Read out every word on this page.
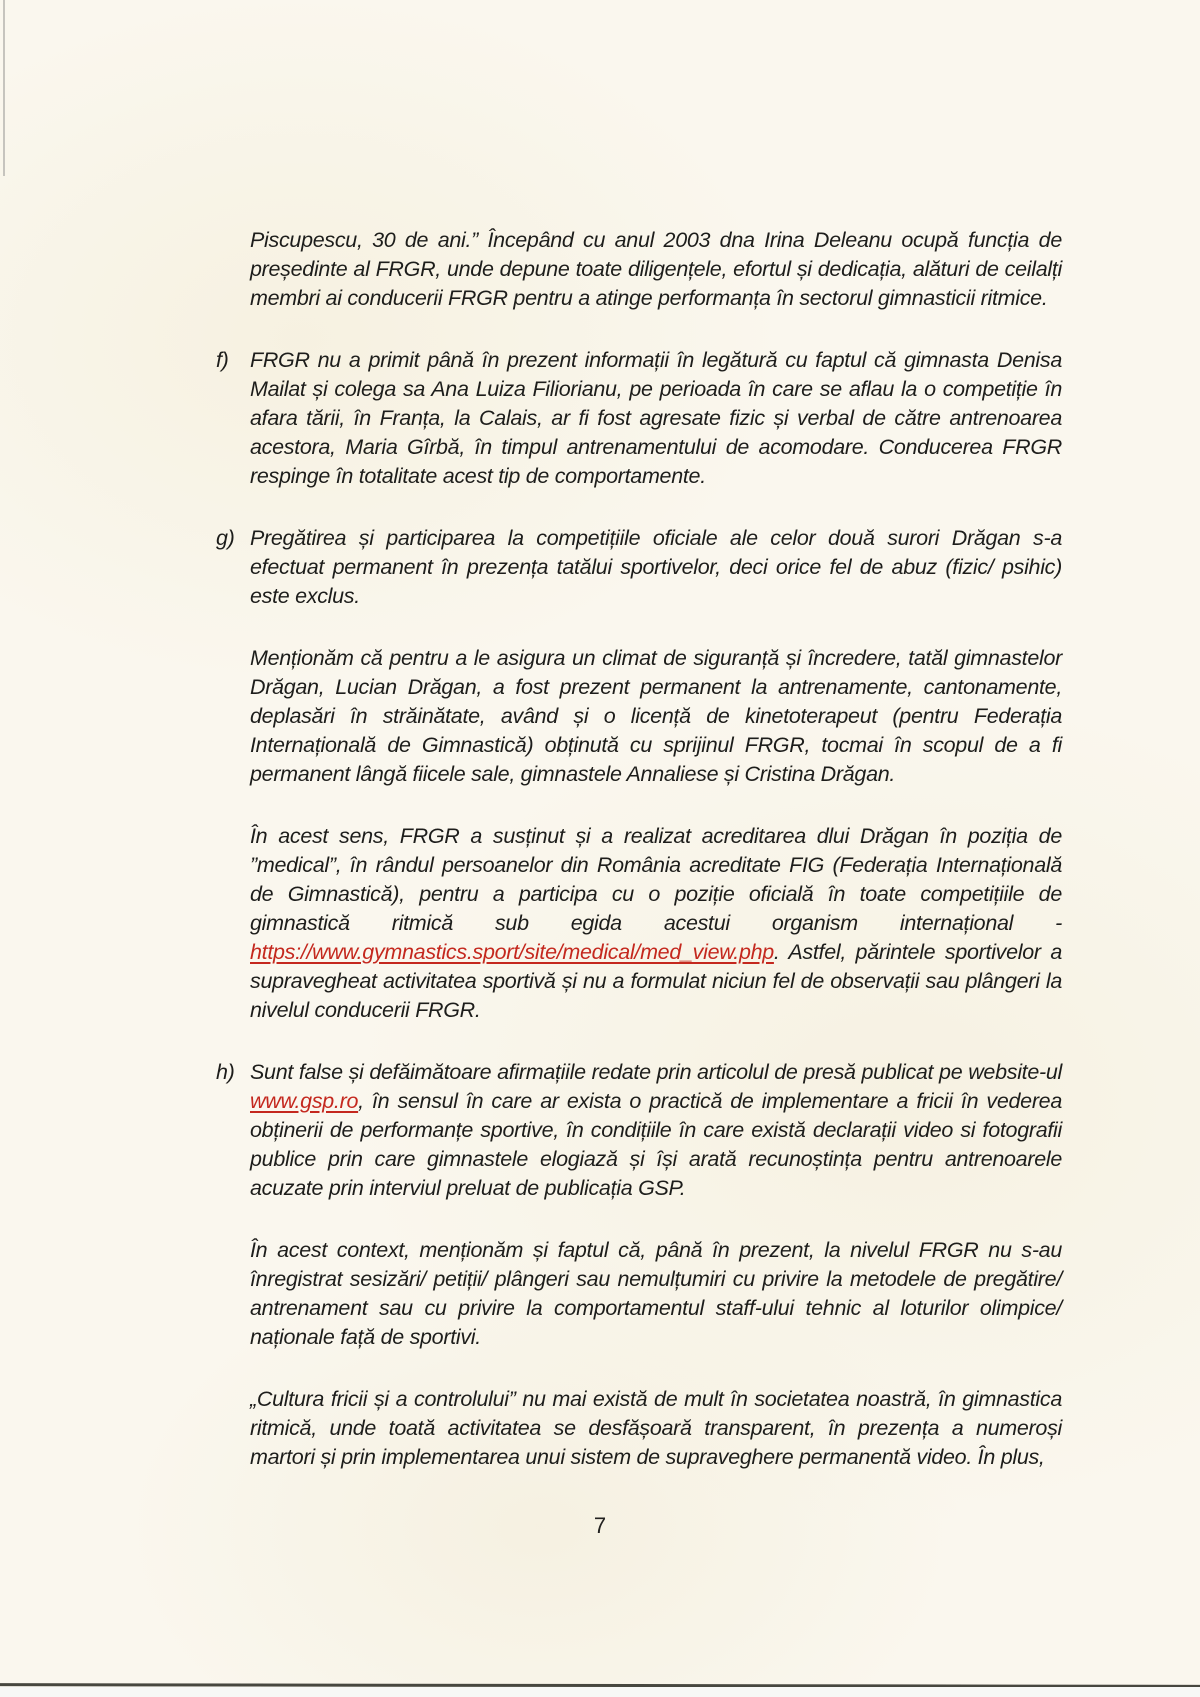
Piscupescu, 30 de ani.” Începând cu anul 2003 dna Irina Deleanu ocupă funcția de președinte al FRGR, unde depune toate diligențele, efortul și dedicația, alături de ceilalți membri ai conducerii FRGR pentru a atinge performanța în sectorul gimnasticii ritmice.

f) FRGR nu a primit până în prezent informații în legătură cu faptul că gimnasta Denisa Mailat și colega sa Ana Luiza Filiorianu, pe perioada în care se aflau la o competiție în afara tării, în Franța, la Calais, ar fi fost agresate fizic și verbal de către antrenoarea acestora, Maria Gîrbă, în timpul antrenamentului de acomodare. Conducerea FRGR respinge în totalitate acest tip de comportamente.

g) Pregătirea și participarea la competițiile oficiale ale celor două surori Drăgan s-a efectuat permanent în prezența tatălui sportivelor, deci orice fel de abuz (fizic/ psihic) este exclus.

Menționăm că pentru a le asigura un climat de siguranță și încredere, tatăl gimnastelor Drăgan, Lucian Drăgan, a fost prezent permanent la antrenamente, cantonamente, deplasări în străinătate, având și o licență de kinetoterapeut (pentru Federația Internațională de Gimnastică) obținută cu sprijinul FRGR, tocmai în scopul de a fi permanent lângă fiicele sale, gimnastele Annaliese și Cristina Drăgan.

În acest sens, FRGR a susținut și a realizat acreditarea dlui Drăgan în poziția de ”medical”, în rândul persoanelor din România acreditate FIG (Federația Internațională de Gimnastică), pentru a participa cu o poziție oficială în toate competițiile de gimnastică ritmică sub egida acestui organism internațional - https://www.gymnastics.sport/site/medical/med_view.php. Astfel, părintele sportivelor a supravegheat activitatea sportivă și nu a formulat niciun fel de observații sau plângeri la nivelul conducerii FRGR.

h) Sunt false și defăimătoare afirmațiile redate prin articolul de presă publicat pe website-ul www.gsp.ro, în sensul în care ar exista o practică de implementare a fricii în vederea obținerii de performanțe sportive, în condițiile în care există declarații video si fotografii publice prin care gimnastele elogiază și își arată recunoștința pentru antrenoarele acuzate prin interviul preluat de publicația GSP.

În acest context, menționăm și faptul că, până în prezent, la nivelul FRGR nu s-au înregistrat sesizări/ petiții/ plângeri sau nemulțumiri cu privire la metodele de pregătire/ antrenament sau cu privire la comportamentul staff-ului tehnic al loturilor olimpice/ naționale față de sportivi.

„Cultura fricii și a controlului” nu mai există de mult în societatea noastră, în gimnastica ritmică, unde toată activitatea se desfășoară transparent, în prezența a numeroși martori și prin implementarea unui sistem de supraveghere permanentă video. În plus,

7
